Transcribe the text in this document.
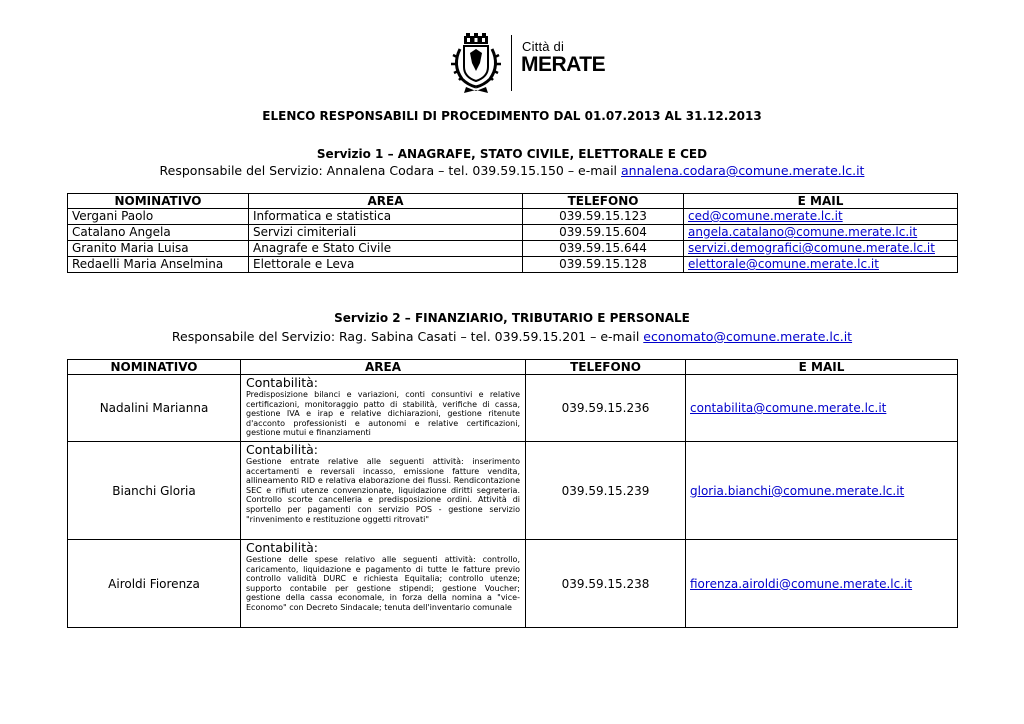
Città di
MERATE
ELENCO RESPONSABILI DI PROCEDIMENTO DAL 01.07.2013 AL 31.12.2013
Servizio 1 – ANAGRAFE, STATO CIVILE, ELETTORALE E CED
Responsabile del Servizio: Annalena Codara – tel. 039.59.15.150 – e-mail annalena.codara@comune.merate.lc.it
NOMINATIVO	AREA	TELEFONO	E MAIL
Vergani Paolo	Informatica e statistica	039.59.15.123	ced@comune.merate.lc.it
Catalano Angela	Servizi cimiteriali	039.59.15.604	angela.catalano@comune.merate.lc.it
Granito Maria Luisa	Anagrafe e Stato Civile	039.59.15.644	servizi.demografici@comune.merate.lc.it
Redaelli Maria Anselmina	Elettorale e Leva	039.59.15.128	elettorale@comune.merate.lc.it
Servizio 2 – FINANZIARIO, TRIBUTARIO E PERSONALE
Responsabile del Servizio: Rag. Sabina Casati – tel. 039.59.15.201 – e-mail economato@comune.merate.lc.it
NOMINATIVO	AREA	TELEFONO	E MAIL
Nadalini Marianna	Contabilità:
Predisposizione bilanci e variazioni, conti consuntivi e relative certificazioni, monitoraggio patto di stabilità, verifiche di cassa, gestione IVA e irap e relative dichiarazioni, gestione ritenute d'acconto professionisti e autonomi e relative certificazioni, gestione mutui e finanziamenti	039.59.15.236	contabilita@comune.merate.lc.it
Bianchi Gloria	Contabilità:
Gestione entrate relative alle seguenti attività: inserimento accertamenti e reversali incasso, emissione fatture vendita, allineamento RID e relativa elaborazione dei flussi. Rendicontazione SEC e rifiuti utenze convenzionate, liquidazione diritti segreteria. Controllo scorte cancelleria e predisposizione ordini. Attività di sportello per pagamenti con servizio POS - gestione servizio "rinvenimento e restituzione oggetti ritrovati"	039.59.15.239	gloria.bianchi@comune.merate.lc.it
Airoldi Fiorenza	Contabilità:
Gestione delle spese relativo alle seguenti attività: controllo, caricamento, liquidazione e pagamento di tutte le fatture previo controllo validità DURC e richiesta Equitalia; controllo utenze; supporto contabile per gestione stipendi; gestione Voucher; gestione della cassa economale, in forza della nomina a "vice-Economo" con Decreto Sindacale; tenuta dell'inventario comunale	039.59.15.238	fiorenza.airoldi@comune.merate.lc.it
